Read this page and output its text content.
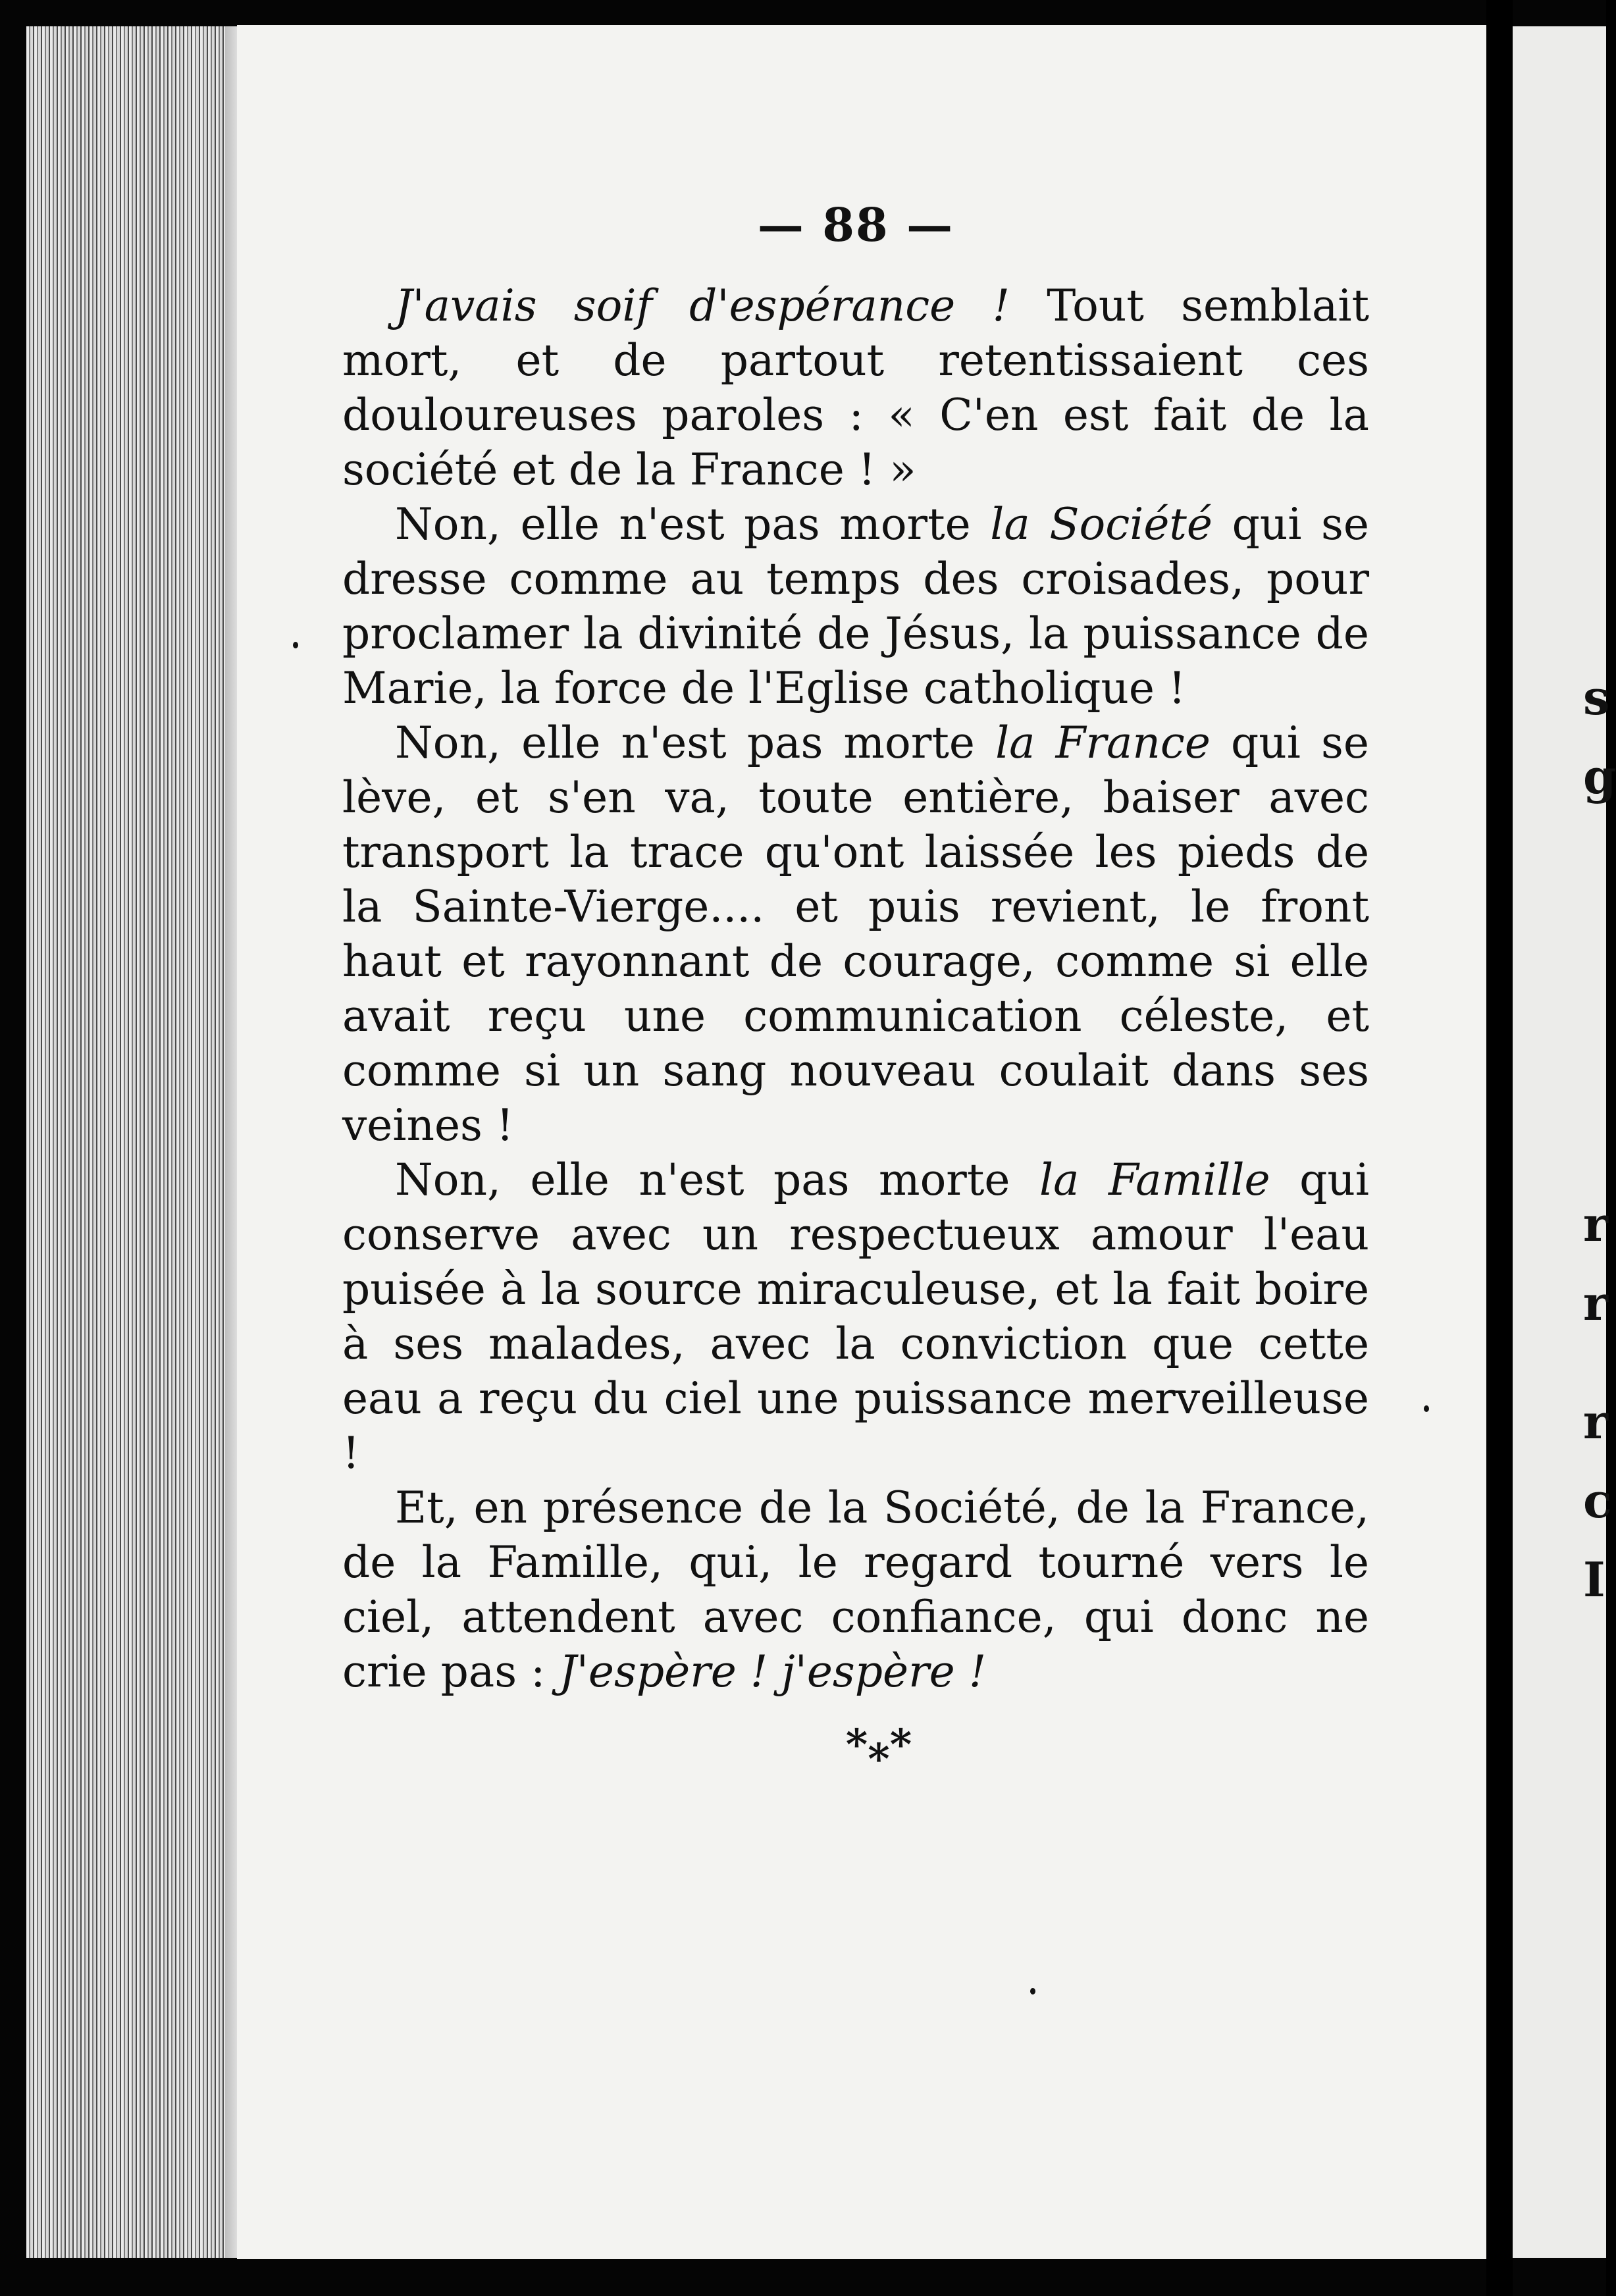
s
g
r
r
r
c
I
— 88 —

J'avais soif d'espérance ! Tout semblait mort, et de partout retentissaient ces douloureuses paroles : « C'en est fait de la société et de la France ! »

Non, elle n'est pas morte la Société qui se dresse comme au temps des croisades, pour proclamer la divinité de Jésus, la puissance de Marie, la force de l'Eglise catholique !

Non, elle n'est pas morte la France qui se lève, et s'en va, toute entière, baiser avec transport la trace qu'ont laissée les pieds de la Sainte-Vierge.... et puis revient, le front haut et rayonnant de courage, comme si elle avait reçu une communication céleste, et comme si un sang nouveau coulait dans ses veines !

Non, elle n'est pas morte la Famille qui conserve avec un respectueux amour l'eau puisée à la source miraculeuse, et la fait boire à ses malades, avec la conviction que cette eau a reçu du ciel une puissance merveilleuse !

Et, en présence de la Société, de la France, de la Famille, qui, le regard tourné vers le ciel, attendent avec confiance, qui donc ne crie pas : J'espère ! j'espère !

***
